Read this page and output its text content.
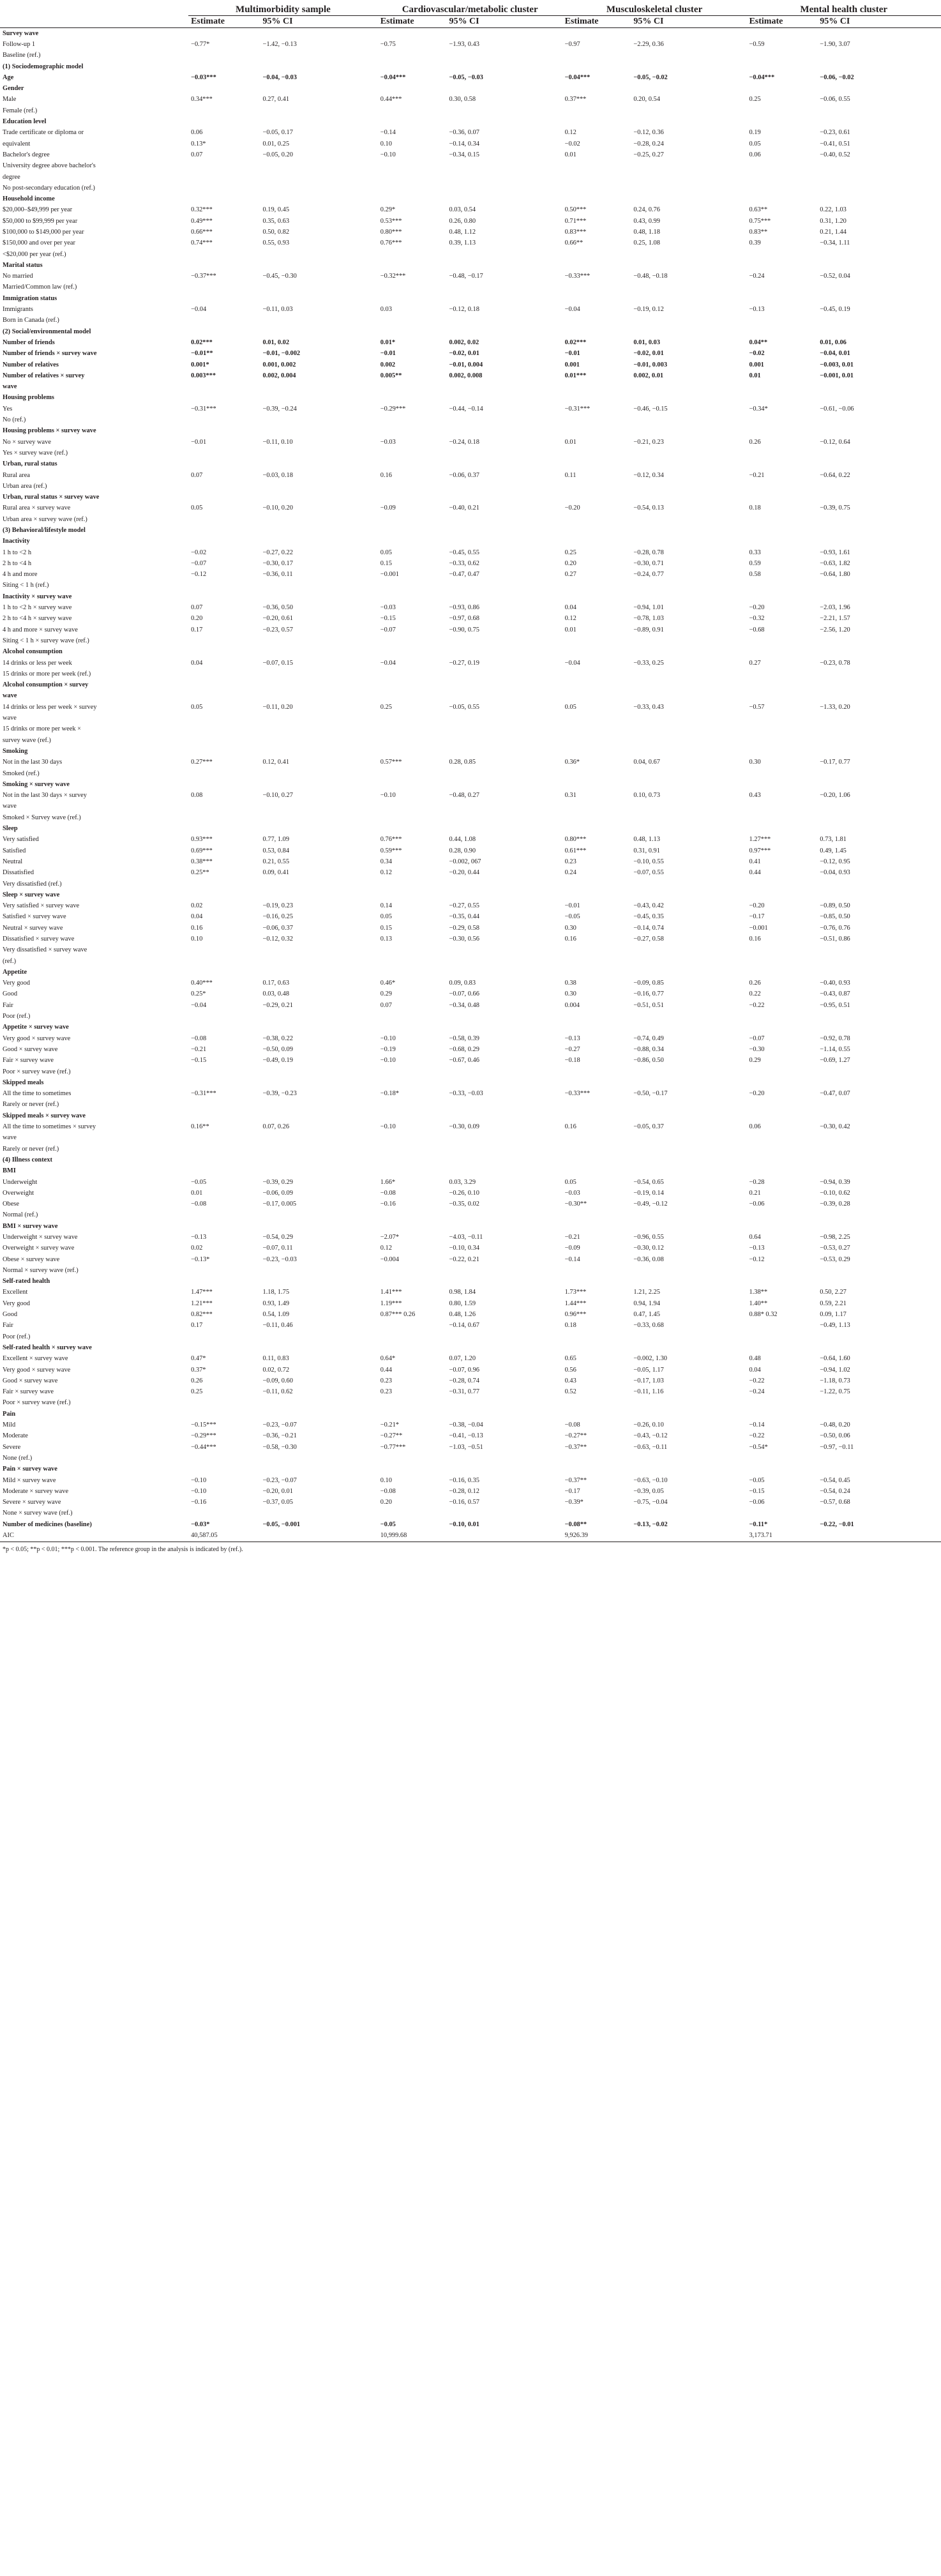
	Multimorbidity sample		Cardiovascular/metabolic cluster		Musculoskeletal cluster		Mental health cluster	
	Estimate	95% CI	Estimate	95% CI	Estimate	95% CI	Estimate	95% CI
Survey wave								
Follow-up 1	−0.77*	−1.42, −0.13	−0.75	−1.93, 0.43	−0.97	−2.29, 0.36	−0.59	−1.90, 3.07
Baseline (ref.)								
(1) Sociodemographic model								
Age	−0.03***	−0.04, −0.03	−0.04***	−0.05, −0.03	−0.04***	−0.05, −0.02	−0.04***	−0.06, −0.02
Gender								
Male	0.34***	0.27, 0.41	0.44***	0.30, 0.58	0.37***	0.20, 0.54	0.25	−0.06, 0.55
Female (ref.)								
Education level								
Trade certificate or diploma or	0.06	−0.05, 0.17	−0.14	−0.36, 0.07	0.12	−0.12, 0.36	0.19	−0.23, 0.61
equivalent	0.13*	0.01, 0.25	0.10	−0.14, 0.34	−0.02	−0.28, 0.24	0.05	−0.41, 0.51
Bachelor's degree	0.07	−0.05, 0.20	−0.10	−0.34, 0.15	0.01	−0.25, 0.27	0.06	−0.40, 0.52
University degree above bachelor's								
degree								
No post-secondary education (ref.)								
Household income								
$20,000–$49,999 per year	0.32***	0.19, 0.45	0.29*	0.03, 0.54	0.50***	0.24, 0.76	0.63**	0.22, 1.03
$50,000 to $99,999 per year	0.49***	0.35, 0.63	0.53***	0.26, 0.80	0.71***	0.43, 0.99	0.75***	0.31, 1.20
$100,000 to $149,000 per year	0.66***	0.50, 0.82	0.80***	0.48, 1.12	0.83***	0.48, 1.18	0.83**	0.21, 1.44
$150,000 and over per year	0.74***	0.55, 0.93	0.76***	0.39, 1.13	0.66**	0.25, 1.08	0.39	−0.34, 1.11
<$20,000 per year (ref.)								
Marital status								
No married	−0.37***	−0.45, −0.30	−0.32***	−0.48, −0.17	−0.33***	−0.48, −0.18	−0.24	−0.52, 0.04
Married/Common law (ref.)								
Immigration status								
Immigrants	−0.04	−0.11, 0.03	0.03	−0.12, 0.18	−0.04	−0.19, 0.12	−0.13	−0.45, 0.19
Born in Canada (ref.)								
(2) Social/environmental model								
Number of friends	0.02***	0.01, 0.02	0.01*	0.002, 0.02	0.02***	0.01, 0.03	0.04**	0.01, 0.06
Number of friends × survey wave	−0.01**	−0.01, −0.002	−0.01	−0.02, 0.01	−0.01	−0.02, 0.01	−0.02	−0.04, 0.01
Number of relatives	0.001*	0.001, 0.002	0.002	−0.01, 0.004	0.001	−0.01, 0.003	0.001	−0.003, 0.01
Number of relatives × survey	0.003***	0.002, 0.004	0.005**	0.002, 0.008	0.01***	0.002, 0.01	0.01	−0.001, 0.01
wave								
Housing problems								
Yes	−0.31***	−0.39, −0.24	−0.29***	−0.44, −0.14	−0.31***	−0.46, −0.15	−0.34*	−0.61, −0.06
No (ref.)								
Housing problems × survey wave								
No × survey wave	−0.01	−0.11, 0.10	−0.03	−0.24, 0.18	0.01	−0.21, 0.23	0.26	−0.12, 0.64
Yes × survey wave (ref.)								
Urban, rural status								
Rural area	0.07	−0.03, 0.18	0.16	−0.06, 0.37	0.11	−0.12, 0.34	−0.21	−0.64, 0.22
Urban area (ref.)								
Urban, rural status × survey wave								
Rural area × survey wave	0.05	−0.10, 0.20	−0.09	−0.40, 0.21	−0.20	−0.54, 0.13	0.18	−0.39, 0.75
Urban area × survey wave (ref.)								
(3) Behavioral/lifestyle model								
Inactivity								
1 h to <2 h	−0.02	−0.27, 0.22	0.05	−0.45, 0.55	0.25	−0.28, 0.78	0.33	−0.93, 1.61
2 h to <4 h	−0.07	−0.30, 0.17	0.15	−0.33, 0.62	0.20	−0.30, 0.71	0.59	−0.63, 1.82
4 h and more	−0.12	−0.36, 0.11	−0.001	−0.47, 0.47	0.27	−0.24, 0.77	0.58	−0.64, 1.80
Siting < 1 h (ref.)								
Inactivity × survey wave								
1 h to <2 h × survey wave	0.07	−0.36, 0.50	−0.03	−0.93, 0.86	0.04	−0.94, 1.01	−0.20	−2.03, 1.96
2 h to <4 h × survey wave	0.20	−0.20, 0.61	−0.15	−0.97, 0.68	0.12	−0.78, 1.03	−0.32	−2.21, 1.57
4 h and more × survey wave	0.17	−0.23, 0.57	−0.07	−0.90, 0.75	0.01	−0.89, 0.91	−0.68	−2.56, 1.20
Siting < 1 h × survey wave (ref.)								
Alcohol consumption								
14 drinks or less per week	0.04	−0.07, 0.15	−0.04	−0.27, 0.19	−0.04	−0.33, 0.25	0.27	−0.23, 0.78
15 drinks or more per week (ref.)								
Alcohol consumption × survey								
wave								
14 drinks or less per week × survey	0.05	−0.11, 0.20	0.25	−0.05, 0.55	0.05	−0.33, 0.43	−0.57	−1.33, 0.20
wave								
15 drinks or more per week ×								
survey wave (ref.)								
Smoking								
Not in the last 30 days	0.27***	0.12, 0.41	0.57***	0.28, 0.85	0.36*	0.04, 0.67	0.30	−0.17, 0.77
Smoked (ref.)								
Smoking × survey wave								
Not in the last 30 days × survey	0.08	−0.10, 0.27	−0.10	−0.48, 0.27	0.31	0.10, 0.73	0.43	−0.20, 1.06
wave								
Smoked × Survey wave (ref.)								
Sleep								
Very satisfied	0.93***	0.77, 1.09	0.76***	0.44, 1.08	0.80***	0.48, 1.13	1.27***	0.73, 1.81
Satisfied	0.69***	0.53, 0.84	0.59***	0.28, 0.90	0.61***	0.31, 0.91	0.97***	0.49, 1.45
Neutral	0.38***	0.21, 0.55	0.34	−0.002, 067	0.23	−0.10, 0.55	0.41	−0.12, 0.95
Dissatisfied	0.25**	0.09, 0.41	0.12	−0.20, 0.44	0.24	−0.07, 0.55	0.44	−0.04, 0.93
Very dissatisfied (ref.)								
Sleep × survey wave								
Very satisfied × survey wave	0.02	−0.19, 0.23	0.14	−0.27, 0.55	−0.01	−0.43, 0.42	−0.20	−0.89, 0.50
Satisfied × survey wave	0.04	−0.16, 0.25	0.05	−0.35, 0.44	−0.05	−0.45, 0.35	−0.17	−0.85, 0.50
Neutral × survey wave	0.16	−0.06, 0.37	0.15	−0.29, 0.58	0.30	−0.14, 0.74	−0.001	−0.76, 0.76
Dissatisfied × survey wave	0.10	−0.12, 0.32	0.13	−0.30, 0.56	0.16	−0.27, 0.58	0.16	−0.51, 0.86
Very dissatisfied × survey wave								
(ref.)								
Appetite								
Very good	0.40***	0.17, 0.63	0.46*	0.09, 0.83	0.38	−0.09, 0.85	0.26	−0.40, 0.93
Good	0.25*	0.03, 0.48	0.29	−0.07, 0.66	0.30	−0.16, 0.77	0.22	−0.43, 0.87
Fair	−0.04	−0.29, 0.21	0.07	−0.34, 0.48	0.004	−0.51, 0.51	−0.22	−0.95, 0.51
Poor (ref.)								
Appetite × survey wave								
Very good × survey wave	−0.08	−0.38, 0.22	−0.10	−0.58, 0.39	−0.13	−0.74, 0.49	−0.07	−0.92, 0.78
Good × survey wave	−0.21	−0.50, 0.09	−0.19	−0.68, 0.29	−0.27	−0.88, 0.34	−0.30	−1.14, 0.55
Fair × survey wave	−0.15	−0.49, 0.19	−0.10	−0.67, 0.46	−0.18	−0.86, 0.50	0.29	−0.69, 1.27
Poor × survey wave (ref.)								
Skipped meals								
All the time to sometimes	−0.31***	−0.39, −0.23	−0.18*	−0.33, −0.03	−0.33***	−0.50, −0.17	−0.20	−0.47, 0.07
Rarely or never (ref.)								
Skipped meals × survey wave								
All the time to sometimes × survey	0.16**	0.07, 0.26	−0.10	−0.30, 0.09	0.16	−0.05, 0.37	0.06	−0.30, 0.42
wave								
Rarely or never (ref.)								
(4) Illness context								
BMI								
Underweight	−0.05	−0.39, 0.29	1.66*	0.03, 3.29	0.05	−0.54, 0.65	−0.28	−0.94, 0.39
Overweight	0.01	−0.06, 0.09	−0.08	−0.26, 0.10	−0.03	−0.19, 0.14	0.21	−0.10, 0.62
Obese	−0.08	−0.17, 0.005	−0.16	−0.35, 0.02	−0.30**	−0.49, −0.12	−0.06	−0.39, 0.28
Normal (ref.)								
BMI × survey wave								
Underweight × survey wave	−0.13	−0.54, 0.29	−2.07*	−4.03, −0.11	−0.21	−0.96, 0.55	0.64	−0.98, 2.25
Overweight × survey wave	0.02	−0.07, 0.11	0.12	−0.10, 0.34	−0.09	−0.30, 0.12	−0.13	−0.53, 0.27
Obese × survey wave	−0.13*	−0.23, −0.03	−0.004	−0.22, 0.21	−0.14	−0.36, 0.08	−0.12	−0.53, 0.29
Normal × survey wave (ref.)								
Self-rated health								
Excellent	1.47***	1.18, 1.75	1.41***	0.98, 1.84	1.73***	1.21, 2.25	1.38**	0.50, 2.27
Very good	1.21***	0.93, 1.49	1.19***	0.80, 1.59	1.44***	0.94, 1.94	1.40**	0.59, 2.21
Good	0.82***	0.54, 1.09	0.87*** 0.26	0.48, 1.26	0.96***	0.47, 1.45	0.88* 0.32	0.09, 1.17
Fair	0.17	−0.11, 0.46		−0.14, 0.67	0.18	−0.33, 0.68		−0.49, 1.13
Poor (ref.)								
Self-rated health × survey wave								
Excellent × survey wave	0.47*	0.11, 0.83	0.64*	0.07, 1.20	0.65	−0.002, 1.30	0.48	−0.64, 1.60
Very good × survey wave	0.37*	0.02, 0.72	0.44	−0.07, 0.96	0.56	−0.05, 1.17	0.04	−0.94, 1.02
Good × survey wave	0.26	−0.09, 0.60	0.23	−0.28, 0.74	0.43	−0.17, 1.03	−0.22	−1.18, 0.73
Fair × survey wave	0.25	−0.11, 0.62	0.23	−0.31, 0.77	0.52	−0.11, 1.16	−0.24	−1.22, 0.75
Poor × survey wave (ref.)								
Pain								
Mild	−0.15***	−0.23, −0.07	−0.21*	−0.38, −0.04	−0.08	−0.26, 0.10	−0.14	−0.48, 0.20
Moderate	−0.29***	−0.36, −0.21	−0.27**	−0.41, −0.13	−0.27**	−0.43, −0.12	−0.22	−0.50, 0.06
Severe	−0.44***	−0.58, −0.30	−0.77***	−1.03, −0.51	−0.37**	−0.63, −0.11	−0.54*	−0.97, −0.11
None (ref.)								
Pain × survey wave								
Mild × survey wave	−0.10	−0.23, −0.07	0.10	−0.16, 0.35	−0.37**	−0.63, −0.10	−0.05	−0.54, 0.45
Moderate × survey wave	−0.10	−0.20, 0.01	−0.08	−0.28, 0.12	−0.17	−0.39, 0.05	−0.15	−0.54, 0.24
Severe × survey wave	−0.16	−0.37, 0.05	0.20	−0.16, 0.57	−0.39*	−0.75, −0.04	−0.06	−0.57, 0.68
None × survey wave (ref.)								
Number of medicines (baseline)	−0.03*	−0.05, −0.001	−0.05	−0.10, 0.01	−0.08**	−0.13, −0.02	−0.11*	−0.22, −0.01
AIC	40,587.05		10,999.68		9,926.39		3,173.71	
*p < 0.05; **p < 0.01; ***p < 0.001. The reference group in the analysis is indicated by (ref.).
